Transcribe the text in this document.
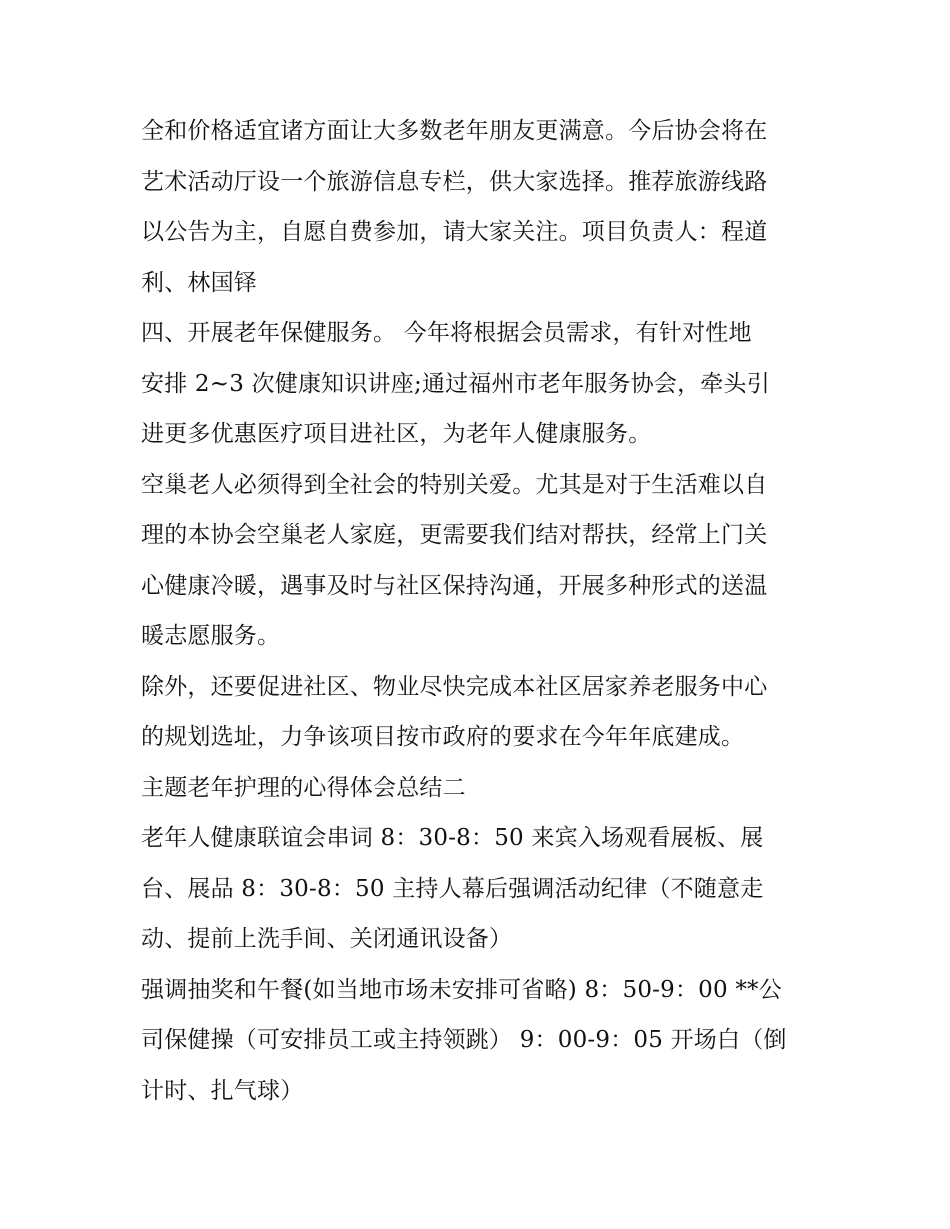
全和价格适宜诸方面让大多数老年朋友更满意。今后协会将在
艺术活动厅设一个旅游信息专栏，供大家选择。推荐旅游线路
以公告为主，自愿自费参加，请大家关注。项目负责人：程道
利、林国铎
四、开展老年保健服务。 今年将根据会员需求，有针对性地
安排 2~3 次健康知识讲座;通过福州市老年服务协会，牵头引
进更多优惠医疗项目进社区，为老年人健康服务。
空巢老人必须得到全社会的特别关爱。尤其是对于生活难以自
理的本协会空巢老人家庭，更需要我们结对帮扶，经常上门关
心健康冷暖，遇事及时与社区保持沟通，开展多种形式的送温
暖志愿服务。
除外，还要促进社区、物业尽快完成本社区居家养老服务中心
的规划选址，力争该项目按市政府的要求在今年年底建成。
主题老年护理的心得体会总结二
老年人健康联谊会串词 8：30-8：50 来宾入场观看展板、展
台、展品 8：30-8：50 主持人幕后强调活动纪律（不随意走
动、提前上洗手间、关闭通讯设备）
强调抽奖和午餐(如当地市场未安排可省略) 8：50-9：00 **公
司保健操（可安排员工或主持领跳） 9：00-9：05 开场白（倒
计时、扎气球）
